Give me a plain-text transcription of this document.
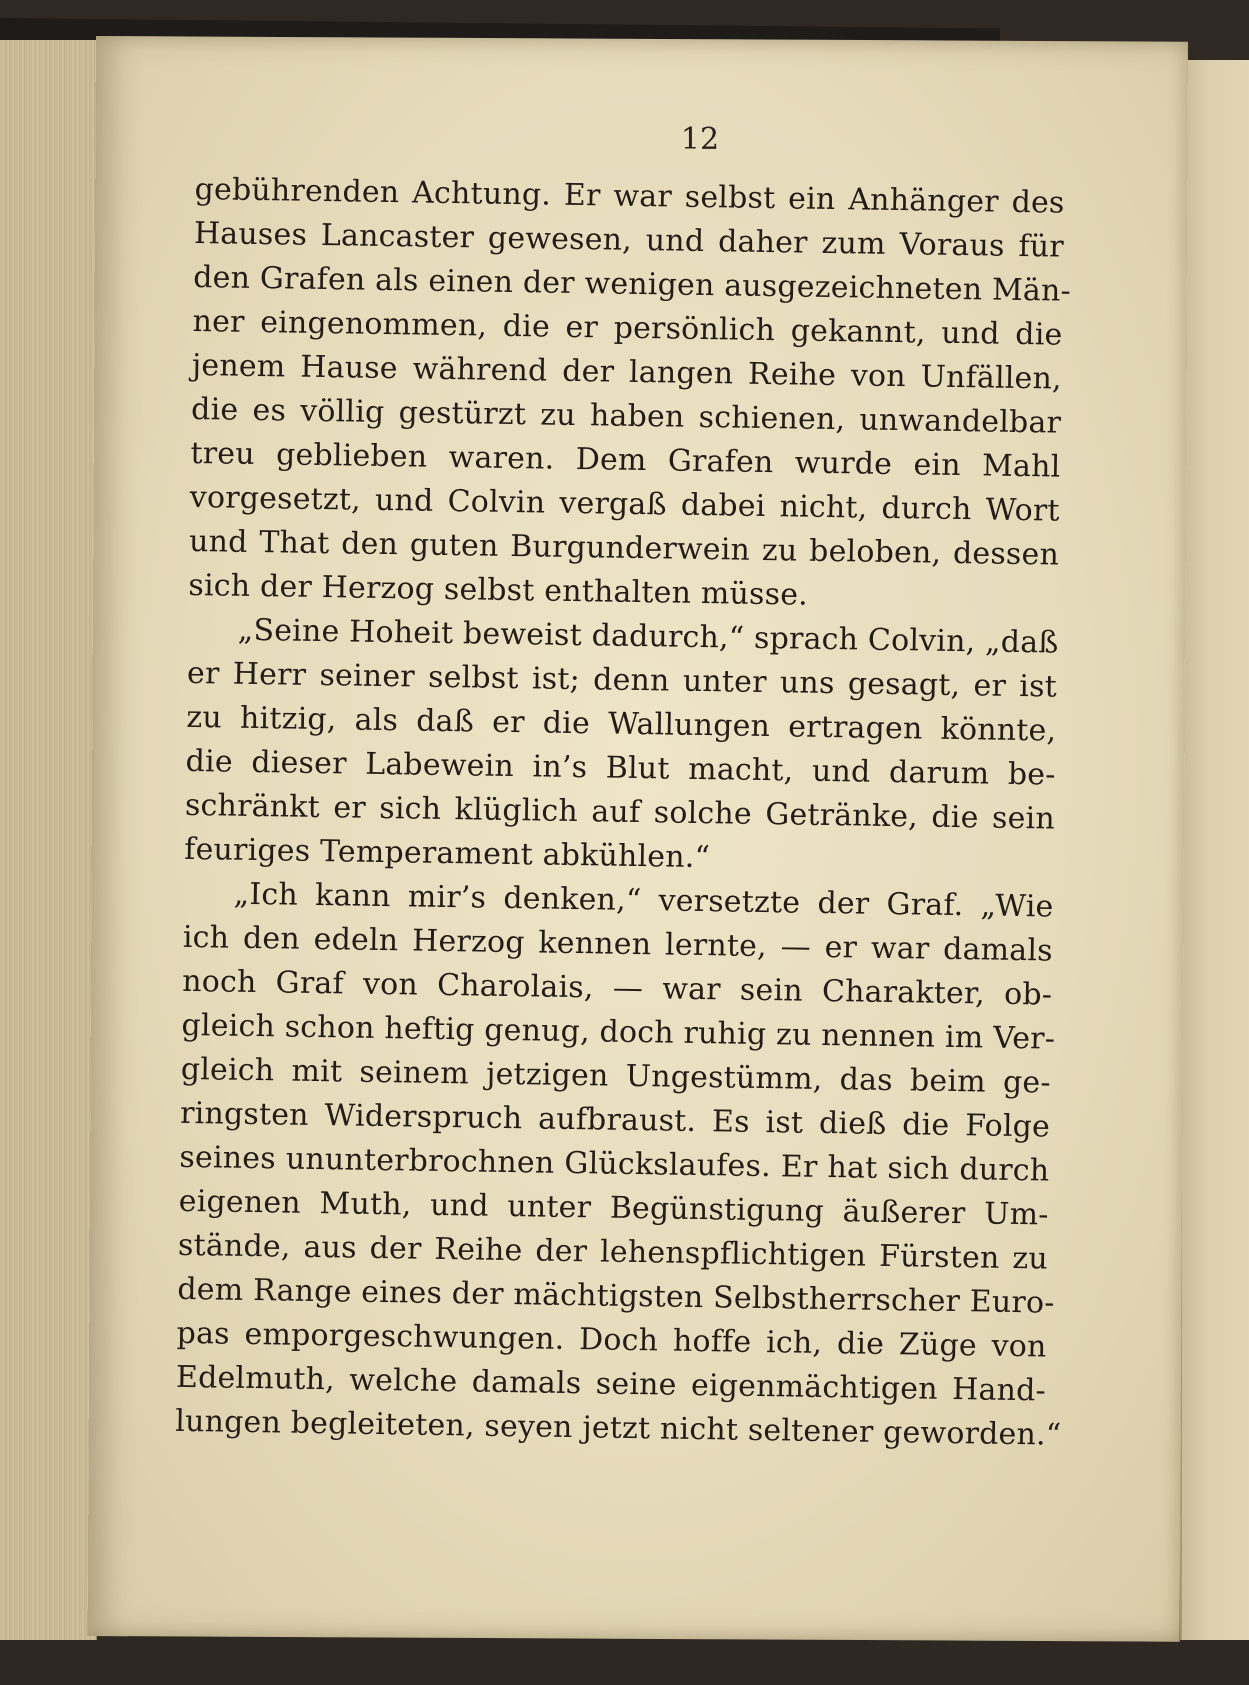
12
gebührenden Achtung. Er war selbst ein Anhänger des
Hauses Lancaster gewesen, und daher zum Voraus für
den Grafen als einen der wenigen ausgezeichneten Män-
ner eingenommen, die er persönlich gekannt, und die
jenem Hause während der langen Reihe von Unfällen,
die es völlig gestürzt zu haben schienen, unwandelbar
treu geblieben waren. Dem Grafen wurde ein Mahl
vorgesetzt, und Colvin vergaß dabei nicht, durch Wort
und That den guten Burgunderwein zu beloben, dessen
sich der Herzog selbst enthalten müsse.
„Seine Hoheit beweist dadurch,“ sprach Colvin, „daß
er Herr seiner selbst ist; denn unter uns gesagt, er ist
zu hitzig, als daß er die Wallungen ertragen könnte,
die dieser Labewein in’s Blut macht, und darum be-
schränkt er sich klüglich auf solche Getränke, die sein
feuriges Temperament abkühlen.“
„Ich kann mir’s denken,“ versetzte der Graf. „Wie
ich den edeln Herzog kennen lernte, — er war damals
noch Graf von Charolais, — war sein Charakter, ob-
gleich schon heftig genug, doch ruhig zu nennen im Ver-
gleich mit seinem jetzigen Ungestümm, das beim ge-
ringsten Widerspruch aufbraust. Es ist dieß die Folge
seines ununterbrochnen Glückslaufes. Er hat sich durch
eigenen Muth, und unter Begünstigung äußerer Um-
stände, aus der Reihe der lehenspflichtigen Fürsten zu
dem Range eines der mächtigsten Selbstherrscher Euro-
pas emporgeschwungen. Doch hoffe ich, die Züge von
Edelmuth, welche damals seine eigenmächtigen Hand-
lungen begleiteten, seyen jetzt nicht seltener geworden.“
